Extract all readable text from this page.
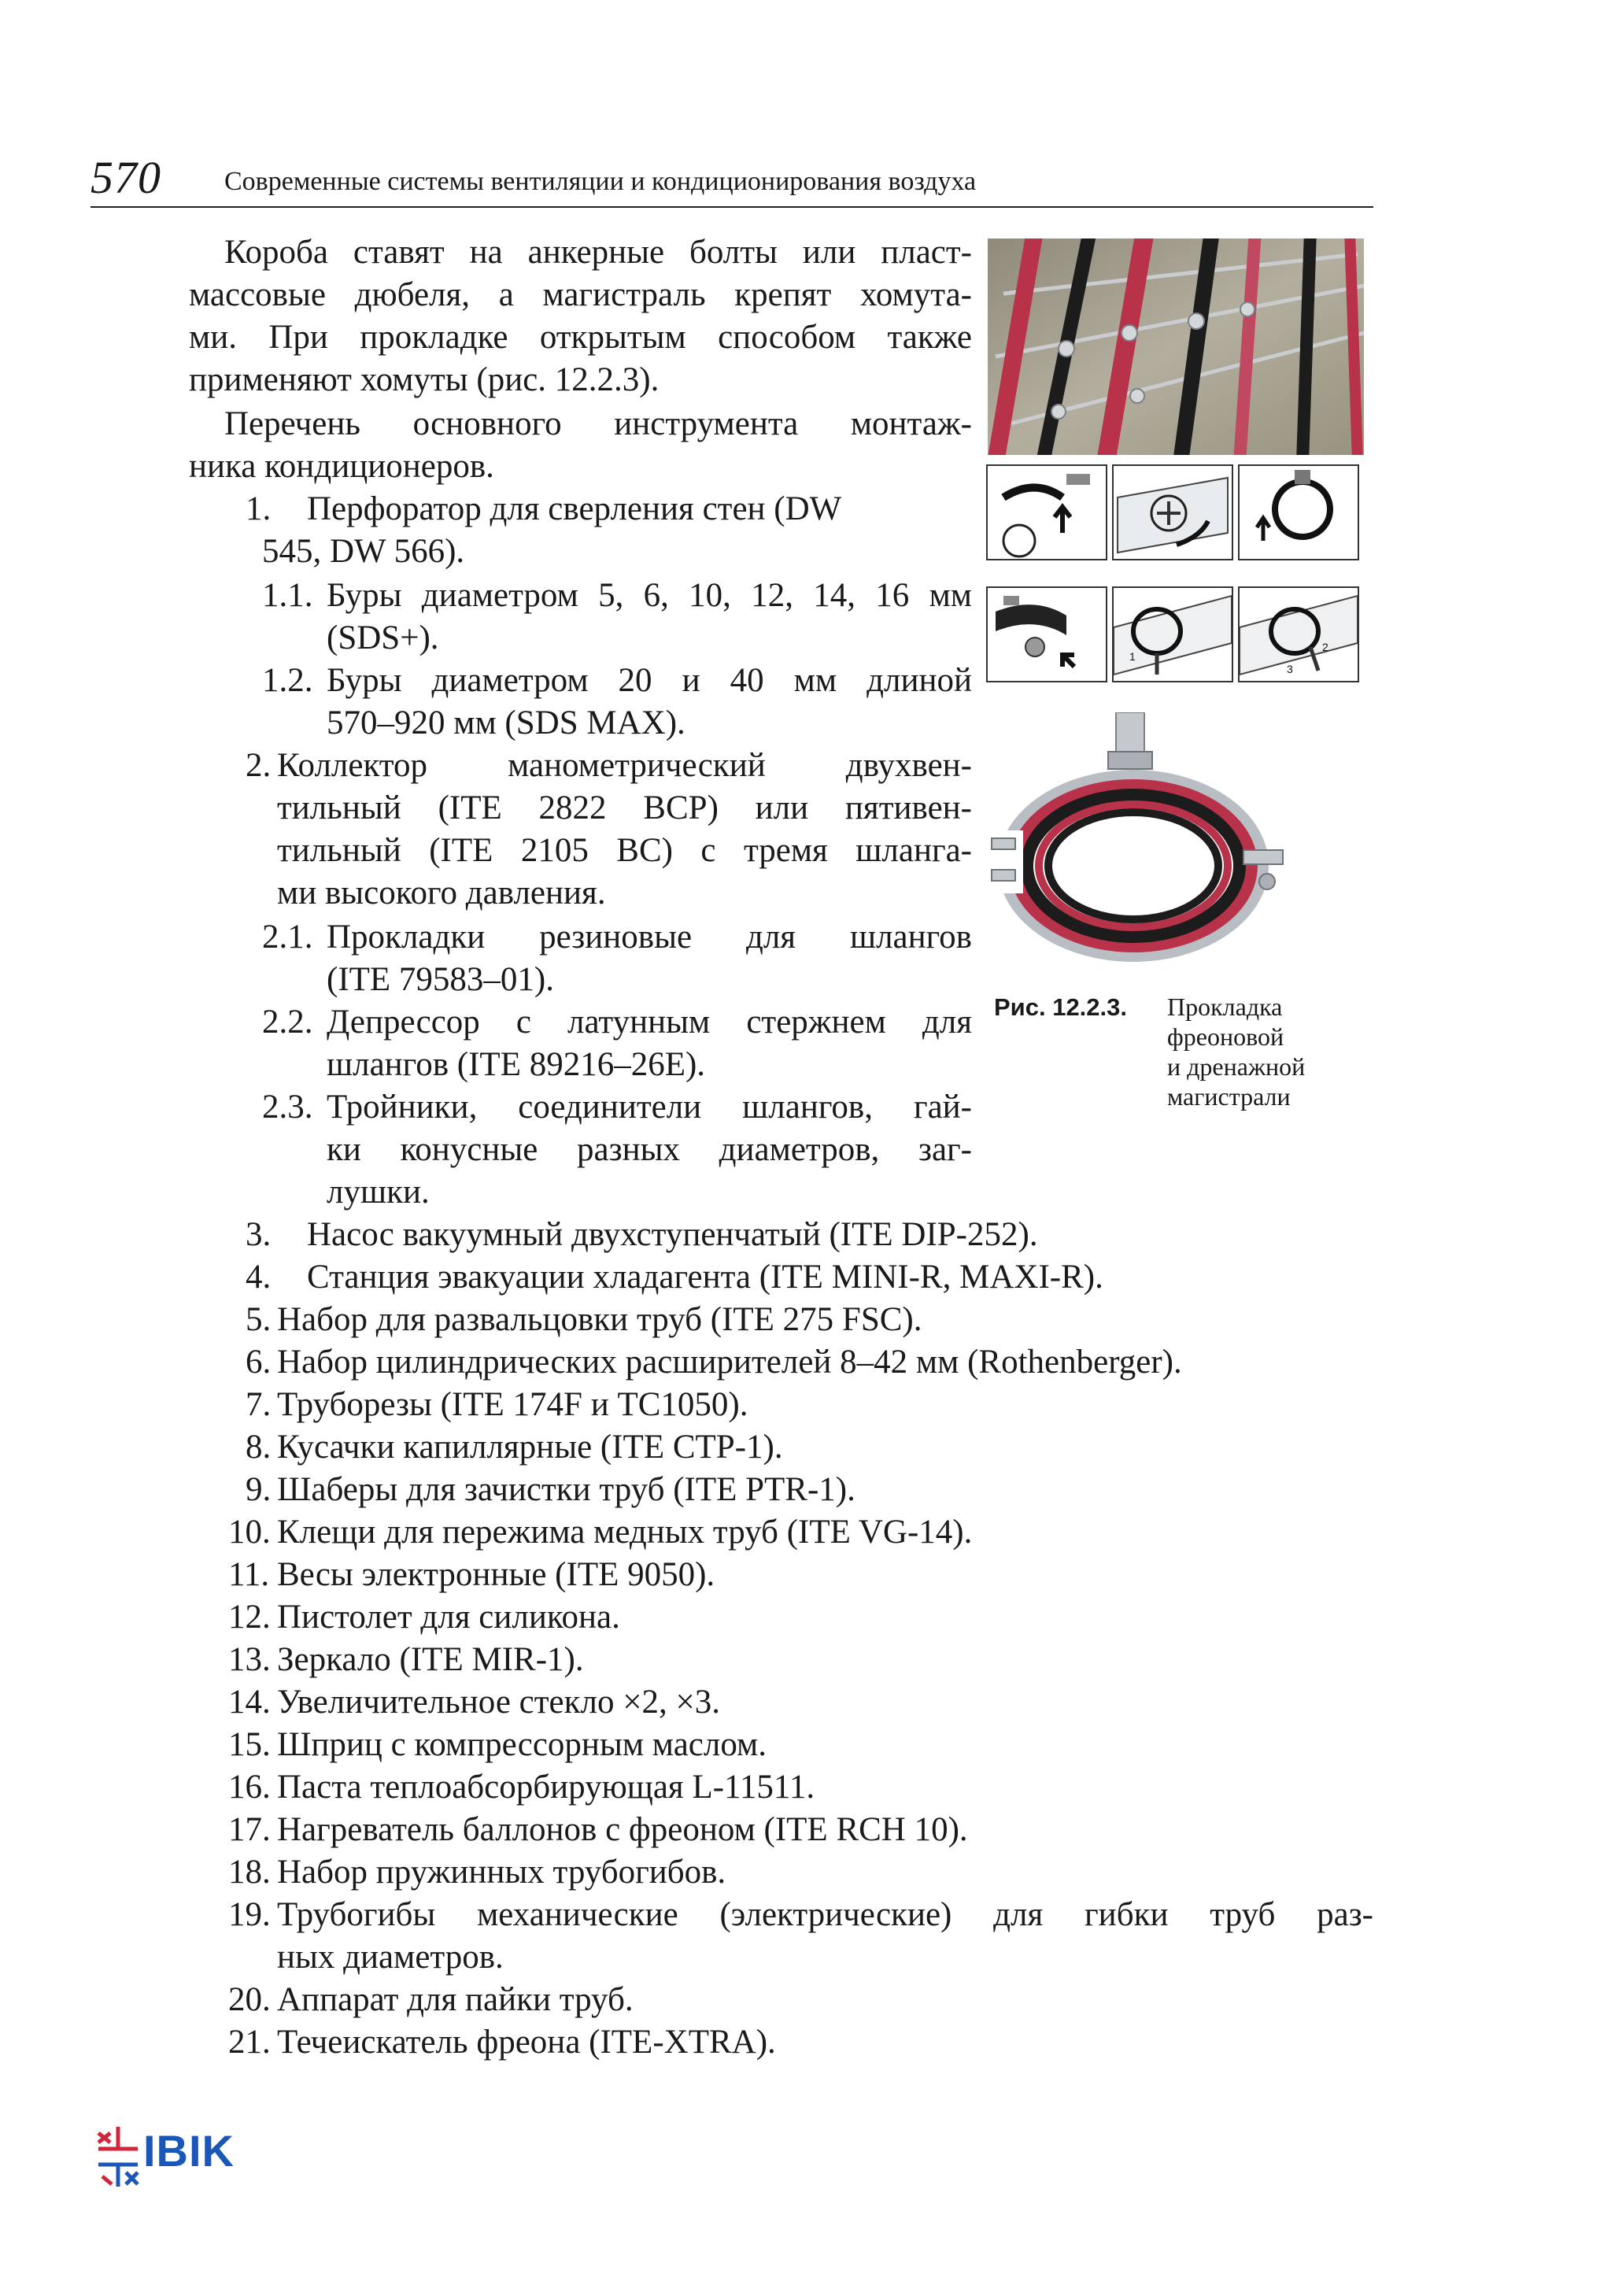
570 Современные системы вентиляции и кондиционирования воздуха
Короба ставят на анкерные болты или пласт-
массовые дюбеля, а магистраль крепят хомута-
ми. При прокладке открытым способом также
применяют хомуты (рис. 12.2.3).
Перечень основного инструмента монтаж-
ника кондиционеров.
1. Перфоратор для сверления стен (DW
545, DW 566).
1.1. Буры диаметром 5, 6, 10, 12, 14, 16 мм
(SDS+).
1.2. Буры диаметром 20 и 40 мм длиной
570–920 мм (SDS MAX).
2. Коллектор манометрический двухвен-
тильный (ITE 2822 BCP) или пятивен-
тильный (ITE 2105 BC) с тремя шланга-
ми высокого давления.
2.1. Прокладки резиновые для шлангов
(ITE 79583–01).
2.2. Депрессор с латунным стержнем для
шлангов (ITE 89216–26E).
2.3. Тройники, соединители шлангов, гай-
ки конусные разных диаметров, заг-
лушки.
3. Насос вакуумный двухступенчатый (ITE DIP-252).
4. Станция эвакуации хладагента (ITE MINI-R, MAXI-R).
5. Набор для развальцовки труб (ITE 275 FSC).
6. Набор цилиндрических расширителей 8–42 мм (Rothenberger).
7. Труборезы (ITE 174F и TC1050).
8. Кусачки капиллярные (ITE CTP-1).
9. Шаберы для зачистки труб (ITE PTR-1).
10. Клещи для пережима медных труб (ITE VG-14).
11. Весы электронные (ITE 9050).
12. Пистолет для силикона.
13. Зеркало (ITE MIR-1).
14. Увеличительное стекло ×2, ×3.
15. Шприц с компрессорным маслом.
16. Паста теплоабсорбирующая L-11511.
17. Нагреватель баллонов с фреоном (ITE RCH 10).
18. Набор пружинных трубогибов.
19. Трубогибы механические (электрические) для гибки труб раз-
ных диаметров.
20. Аппарат для пайки труб.
21. Течеискатель фреона (ITE-XTRA).
1
2
3
Рис. 12.2.3. Прокладка
фреоновой
и дренажной
магистрали
IBIK
